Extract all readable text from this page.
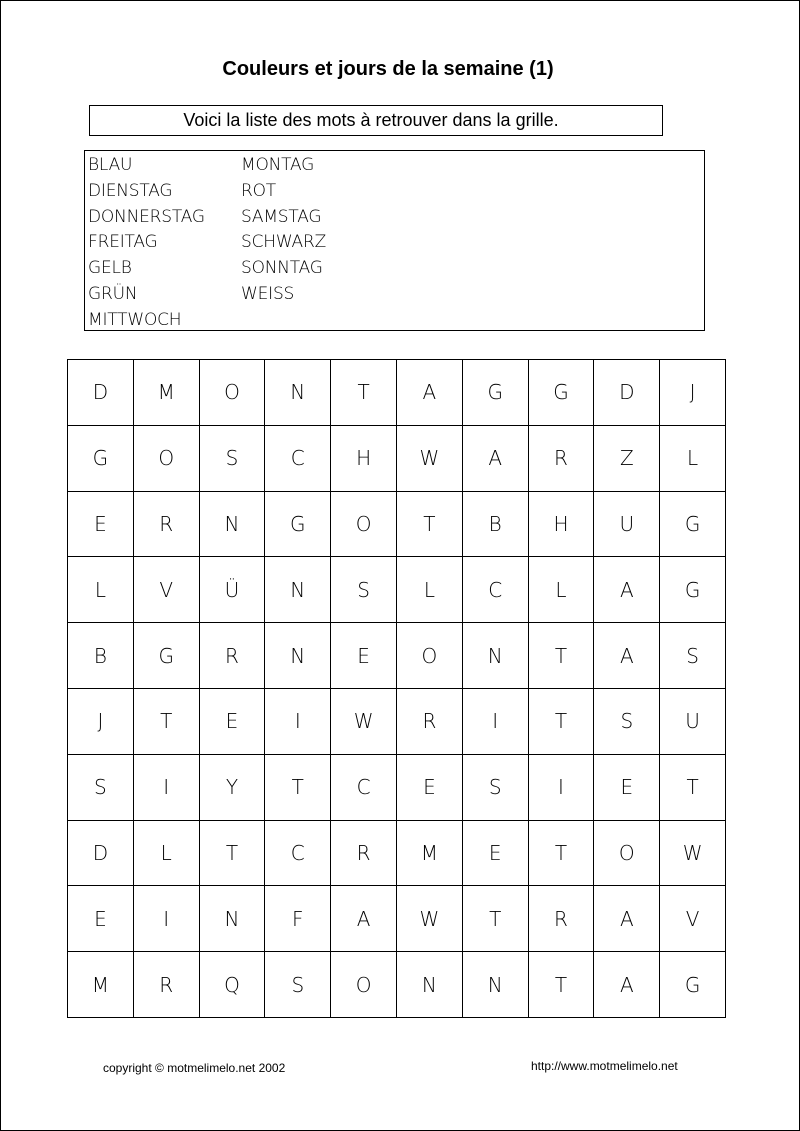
Couleurs et jours de la semaine (1)
Voici la liste des mots à retrouver dans la grille.
BLAU
DIENSTAG
DONNERSTAG
FREITAG
GELB
GRÜN
MITTWOCH
MONTAG
ROT
SAMSTAG
SCHWARZ
SONNTAG
WEISS
D	M	O	N	T	A	G	G	D	J
G	O	S	C	H	W	A	R	Z	L
E	R	N	G	O	T	B	H	U	G
L	V	Ü	N	S	L	C	L	A	G
B	G	R	N	E	O	N	T	A	S
J	T	E	I	W	R	I	T	S	U
S	I	Y	T	C	E	S	I	E	T
D	L	T	C	R	M	E	T	O	W
E	I	N	F	A	W	T	R	A	V
M	R	Q	S	O	N	N	T	A	G
copyright © motmelimelo.net 2002	http://www.motmelimelo.net
